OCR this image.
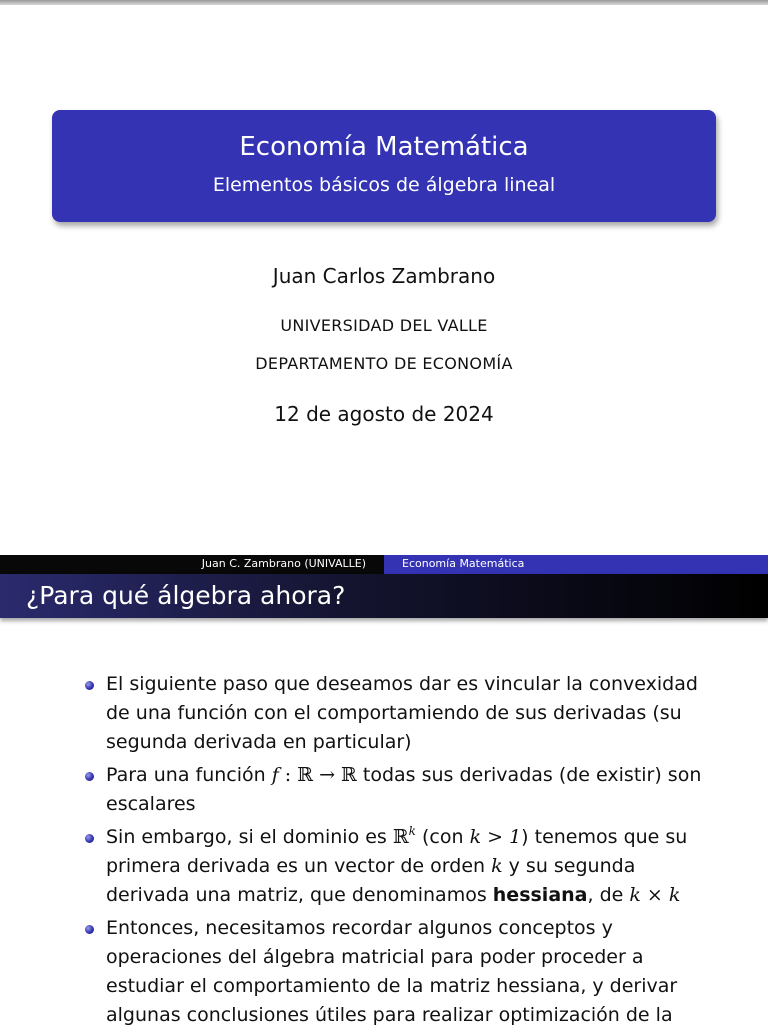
Economía Matemática
Elementos básicos de álgebra lineal
Juan Carlos Zambrano
UNIVERSIDAD DEL VALLE
DEPARTAMENTO DE ECONOMÍA
12 de agosto de 2024
Juan C. Zambrano (UNIVALLE)	Economía Matemática
¿Para qué álgebra ahora?
El siguiente paso que deseamos dar es vincular la convexidad de una función con el comportamiendo de sus derivadas (su segunda derivada en particular)
Para una función f : ℝ → ℝ todas sus derivadas (de existir) son escalares
Sin embargo, si el dominio es ℝ$^k$ (con k > 1) tenemos que su primera derivada es un vector de orden k y su segunda derivada una matriz, que denominamos hessiana, de k × k
Entonces, necesitamos recordar algunos conceptos y operaciones del álgebra matricial para poder proceder a estudiar el comportamiento de la matriz hessiana, y derivar algunas conclusiones útiles para realizar optimización de la
